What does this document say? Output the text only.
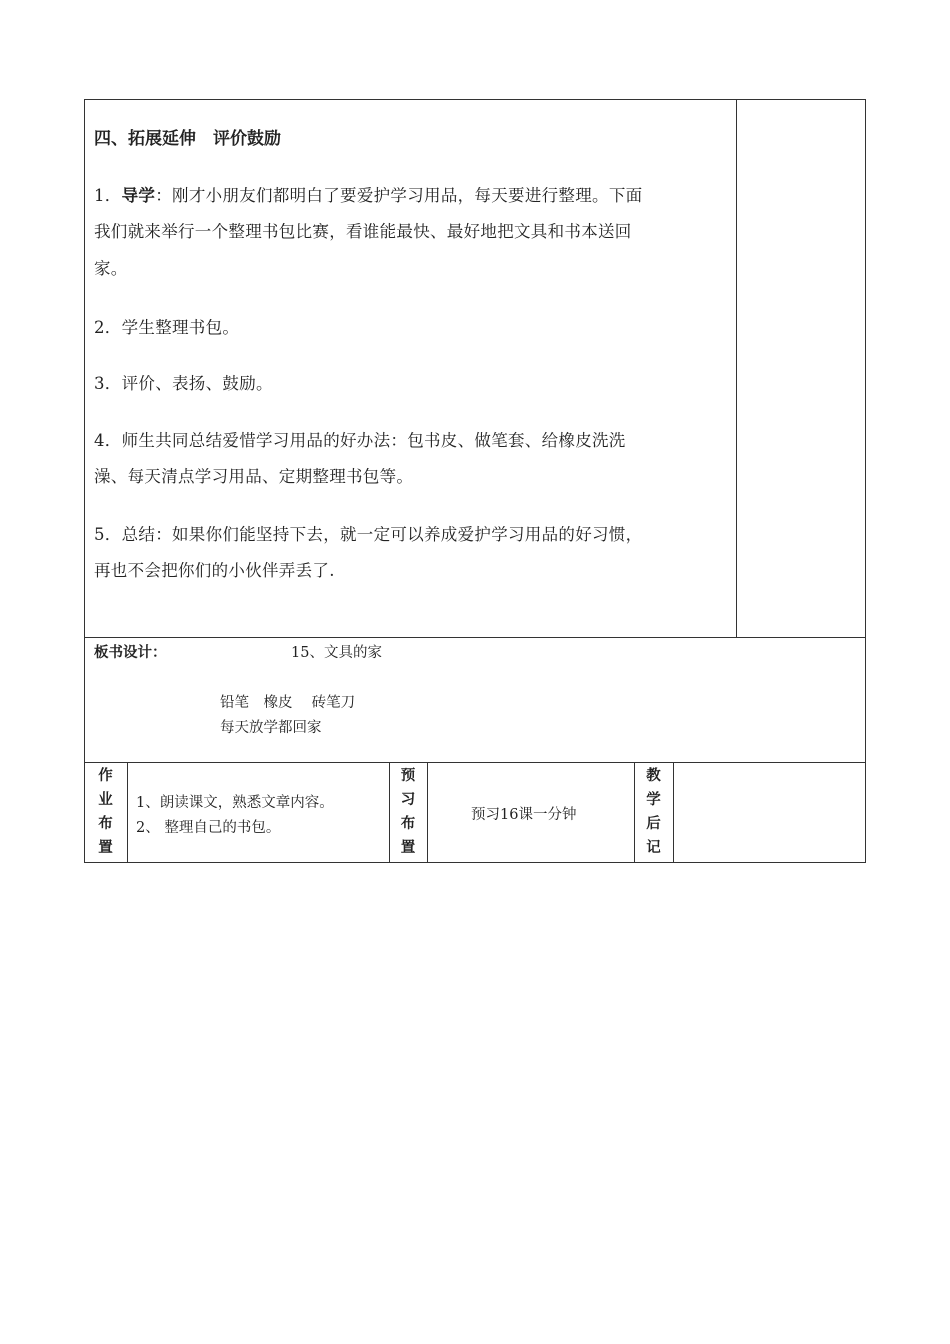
四、拓展延伸　评价鼓励
1．导学：刚才小朋友们都明白了要爱护学习用品，每天要进行整理。下面
我们就来举行一个整理书包比赛，看谁能最快、最好地把文具和书本送回
家。
2．学生整理书包。
3．评价、表扬、鼓励。
4．师生共同总结爱惜学习用品的好办法：包书皮、做笔套、给橡皮洗洗
澡、每天清点学习用品、定期整理书包等。
5．总结：如果你们能坚持下去，就一定可以养成爱护学习用品的好习惯，
再也不会把你们的小伙伴弄丢了.
板书设计：	15、文具的家
铅笔　橡皮　 砖笔刀
每天放学都回家
作
业
布
置
1、朗读课文，熟悉文章内容。
2、 整理自己的书包。
预
习
布
置
预习16课一分钟
教
学
后
记
